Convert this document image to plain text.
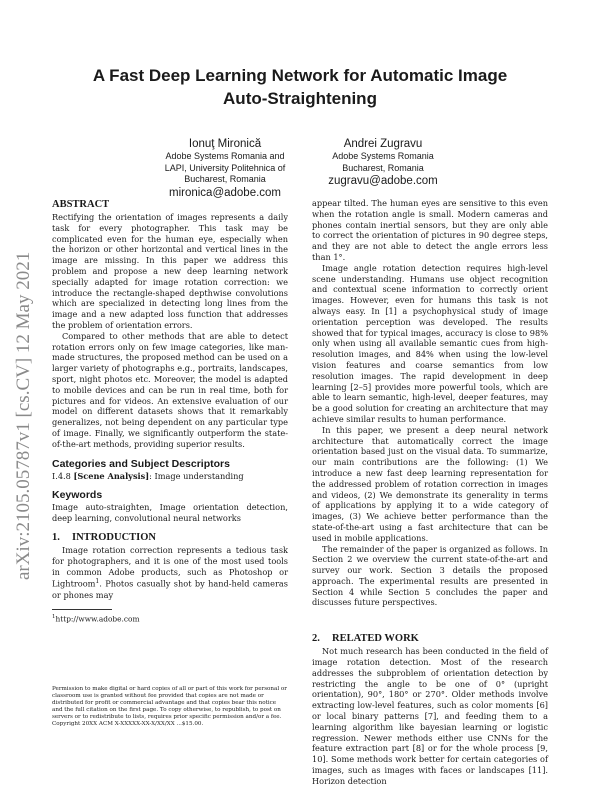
A Fast Deep Learning Network for Automatic Image
Auto-Straightening
Ionuţ Mironică
Adobe Systems Romania and
LAPI, University Politehnica of
Bucharest, Romania
mironica@adobe.com
Andrei Zugravu
Adobe Systems Romania
Bucharest, Romania
zugravu@adobe.com
arXiv:2105.05787v1 [cs.CV] 12 May 2021
ABSTRACT

Rectifying the orientation of images represents a daily task for every photographer. This task may be complicated even for the human eye, especially when the horizon or other horizontal and vertical lines in the image are missing. In this paper we address this problem and propose a new deep learning network specially adapted for image rotation correction: we introduce the rectangle-shaped depthwise convolutions which are specialized in detecting long lines from the image and a new adapted loss function that addresses the problem of orientation errors.

Compared to other methods that are able to detect rotation errors only on few image categories, like man-made structures, the proposed method can be used on a larger variety of photographs e.g., portraits, landscapes, sport, night photos etc. Moreover, the model is adapted to mobile devices and can be run in real time, both for pictures and for videos. An extensive evaluation of our model on different datasets shows that it remarkably generalizes, not being dependent on any particular type of image. Finally, we significantly outperform the state-of-the-art methods, providing superior results.

Categories and Subject Descriptors

I.4.8 [Scene Analysis]: Image understanding

Keywords

Image auto-straighten, Image orientation detection, deep learning, convolutional neural networks

1. INTRODUCTION

Image rotation correction represents a tedious task for photographers, and it is one of the most used tools in common Adobe products, such as Photoshop or Lightroom$^1$. Photos casually shot by hand-held cameras or phones may

$^1$http://www.adobe.com

Permission to make digital or hard copies of all or part of this work for personal or classroom use is granted without fee provided that copies are not made or distributed for profit or commercial advantage and that copies bear this notice and the full citation on the first page. To copy otherwise, to republish, to post on servers or to redistribute to lists, requires prior specific permission and/or a fee.

Copyright 20XX ACM X-XXXXX-XX-X/XX/XX ...$15.00.

appear tilted. The human eyes are sensitive to this even when the rotation angle is small. Modern cameras and phones contain inertial sensors, but they are only able to correct the orientation of pictures in 90 degree steps, and they are not able to detect the angle errors less than 1°.

Image angle rotation detection requires high-level scene understanding. Humans use object recognition and contextual scene information to correctly orient images. However, even for humans this task is not always easy. In [1] a psychophysical study of image orientation perception was developed. The results showed that for typical images, accuracy is close to 98% only when using all available semantic cues from high-resolution images, and 84% when using the low-level vision features and coarse semantics from low resolution images. The rapid development in deep learning [2–5] provides more powerful tools, which are able to learn semantic, high-level, deeper features, may be a good solution for creating an architecture that may achieve similar results to human performance.

In this paper, we present a deep neural network architecture that automatically correct the image orientation based just on the visual data. To summarize, our main contributions are the following: (1) We introduce a new fast deep learning representation for the addressed problem of rotation correction in images and videos, (2) We demonstrate its generality in terms of applications by applying it to a wide category of images, (3) We achieve better performance than the state-of-the-art using a fast architecture that can be used in mobile applications.

The remainder of the paper is organized as follows. In Section 2 we overview the current state-of-the-art and survey our work. Section 3 details the proposed approach. The experimental results are presented in Section 4 while Section 5 concludes the paper and discusses future perspectives.

2. RELATED WORK

Not much research has been conducted in the field of image rotation detection. Most of the research addresses the subproblem of orientation detection by restricting the angle to be one of 0° (upright orientation), 90°, 180° or 270°. Older methods involve extracting low-level features, such as color moments [6] or local binary patterns [7], and feeding them to a learning algorithm like bayesian learning or logistic regression. Newer methods either use CNNs for the feature extraction part [8] or for the whole process [9, 10]. Some methods work better for certain categories of images, such as images with faces or landscapes [11]. Horizon detection
